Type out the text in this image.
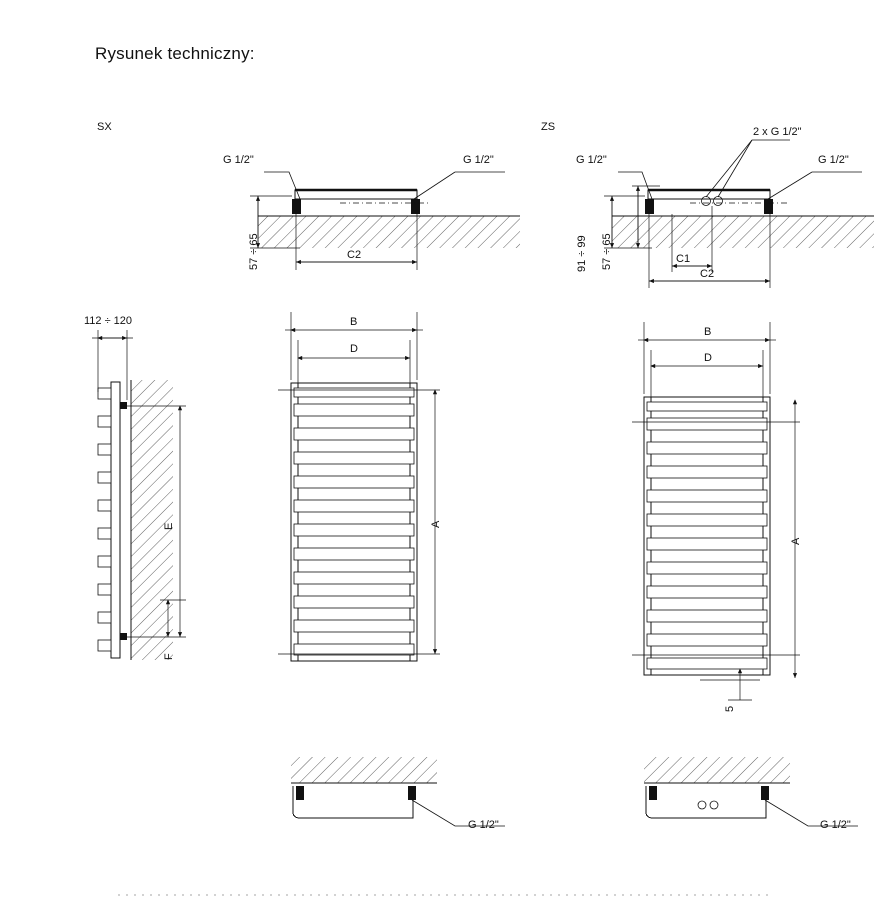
Rysunek techniczny:
SX	ZS
G 1/2"	G 1/2"
57 ÷ 65	C2
G 1/2"	G 1/2"
2 x G 1/2"
57 ÷ 65
91 ÷ 99	C1
C2
112 ÷ 120
E
F
B
D
A
B
D
A
5
G 1/2"	G 1/2"
